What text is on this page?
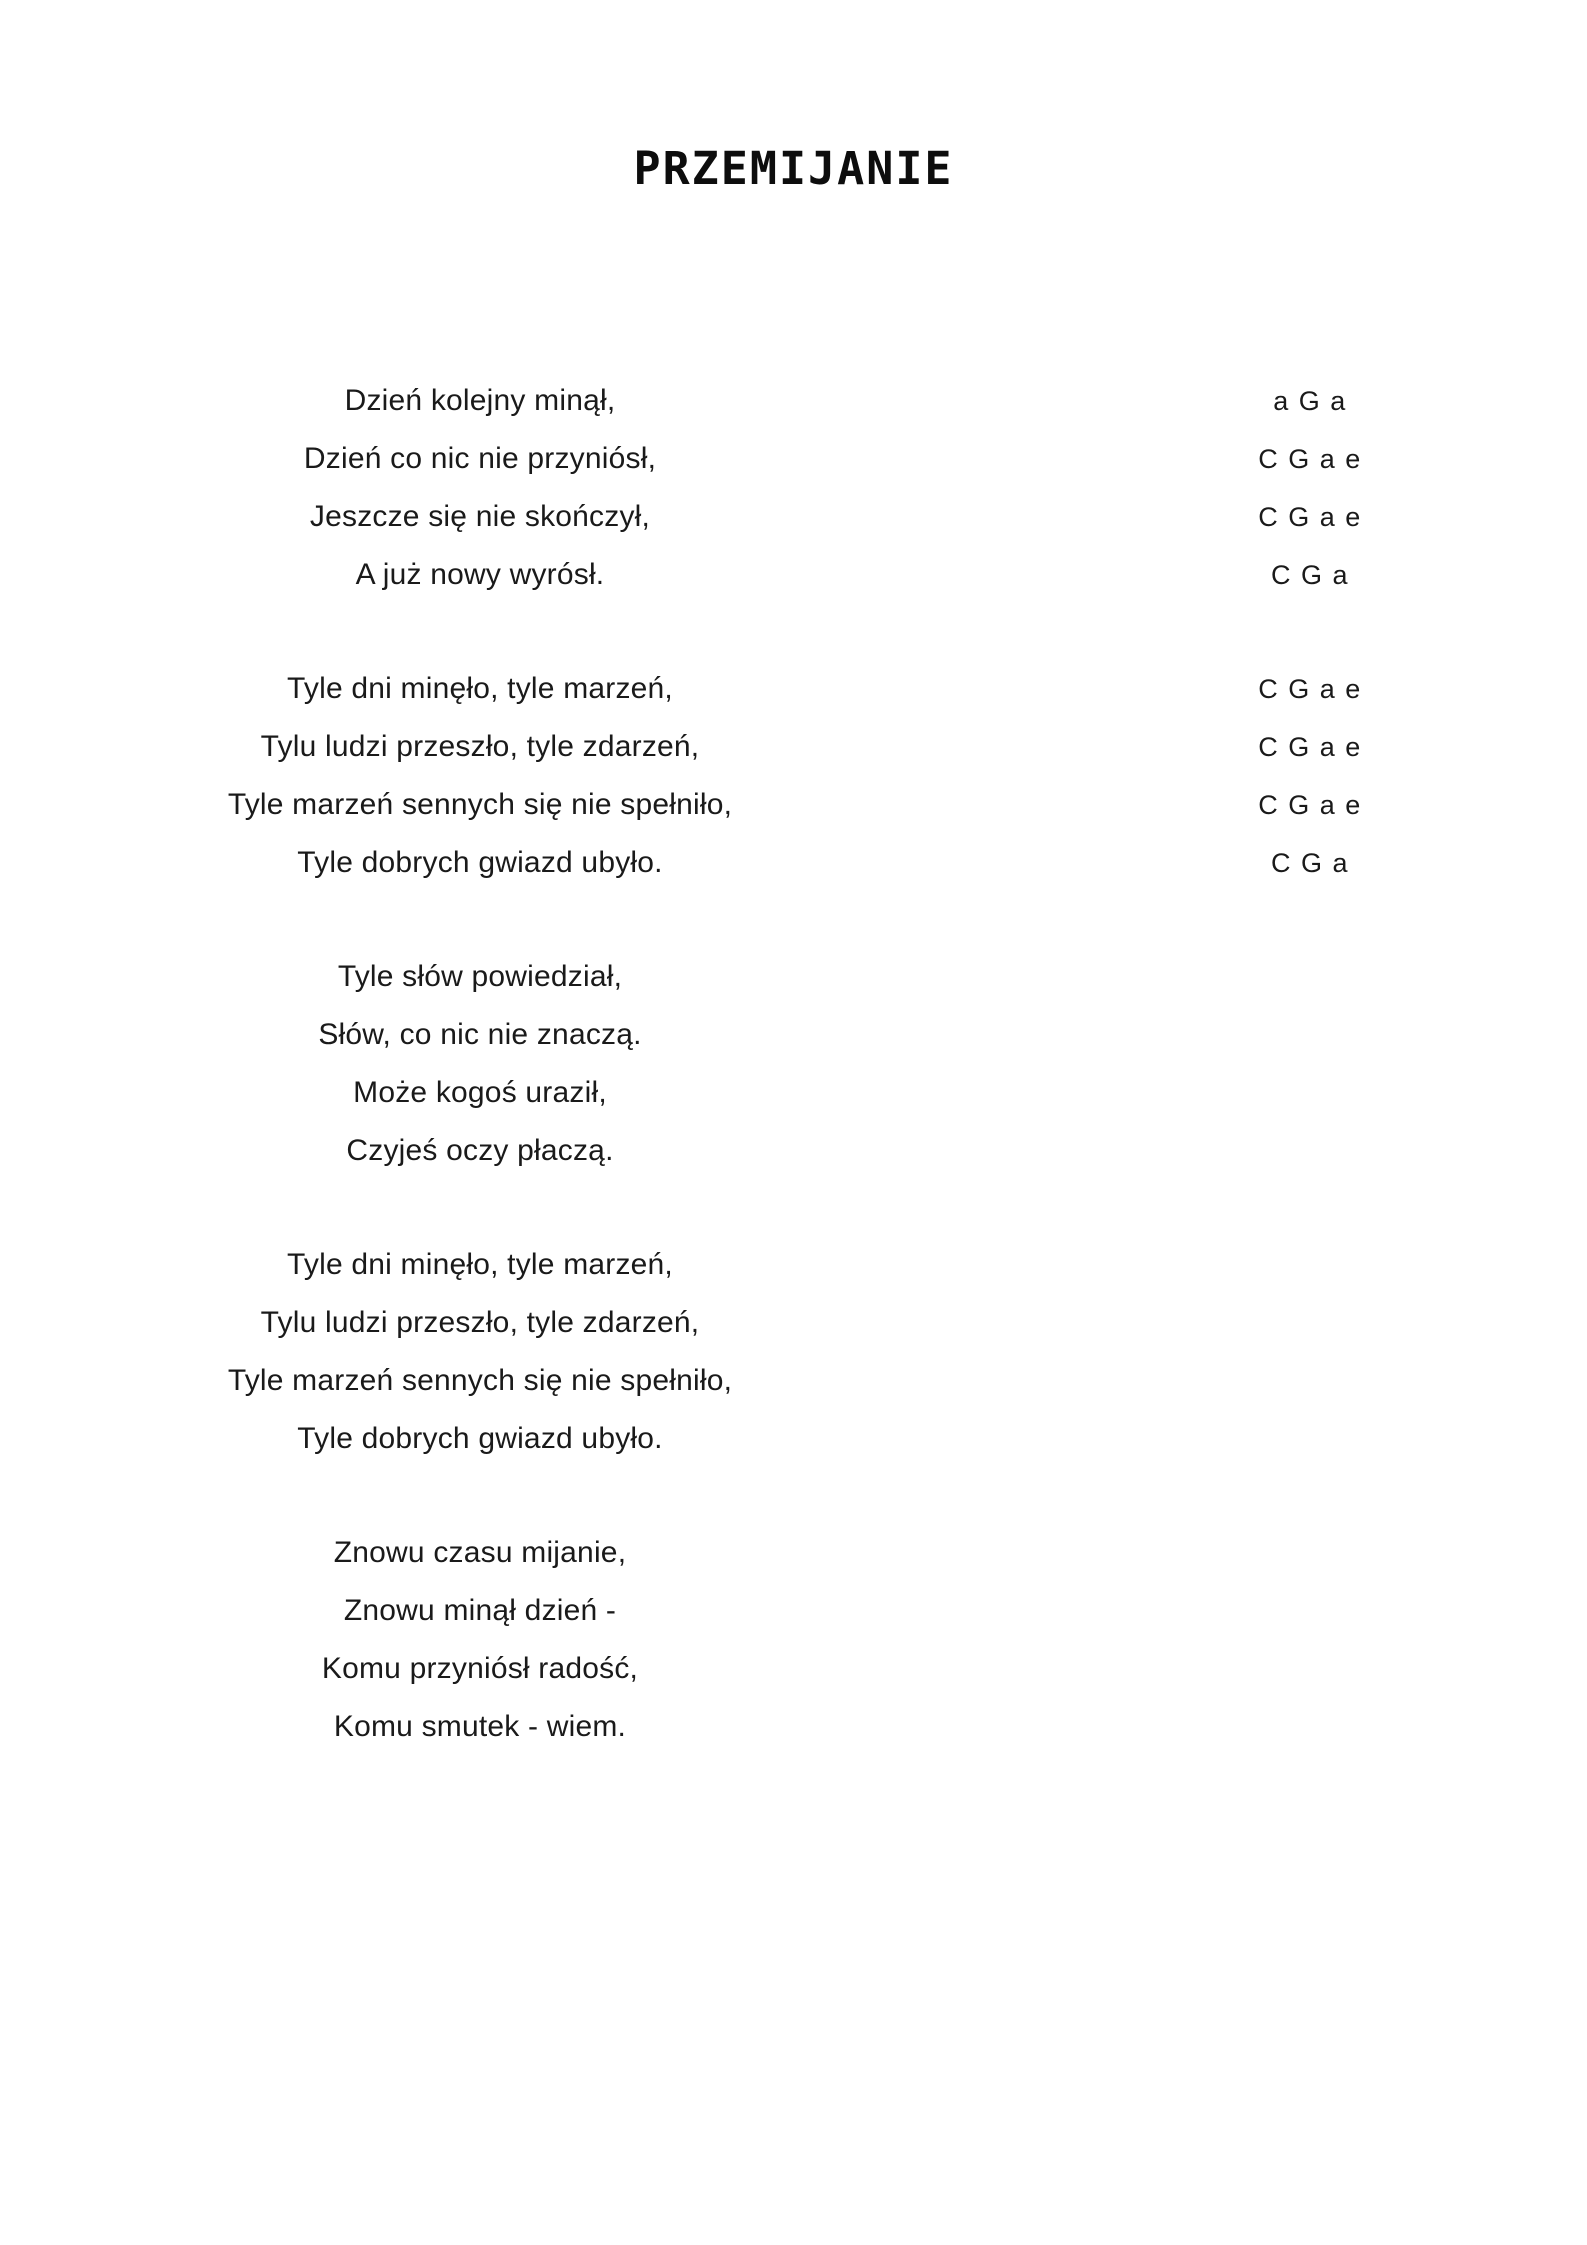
PRZEMIJANIE
Dzień kolejny minął,
Dzień co nic nie przyniósł,
Jeszcze się nie skończył,
A już nowy wyrósł.
a G a
C G a e
C G a e
C G a
Tyle dni minęło, tyle marzeń,
Tylu ludzi przeszło, tyle zdarzeń,
Tyle marzeń sennych się nie spełniło,
Tyle dobrych gwiazd ubyło.
C G a e
C G a e
C G a e
C G a
Tyle słów powiedział,
Słów, co nic nie znaczą.
Może kogoś uraził,
Czyjeś oczy płaczą.
Tyle dni minęło, tyle marzeń,
Tylu ludzi przeszło, tyle zdarzeń,
Tyle marzeń sennych się nie spełniło,
Tyle dobrych gwiazd ubyło.
Znowu czasu mijanie,
Znowu minął dzień -
Komu przyniósł radość,
Komu smutek - wiem.
